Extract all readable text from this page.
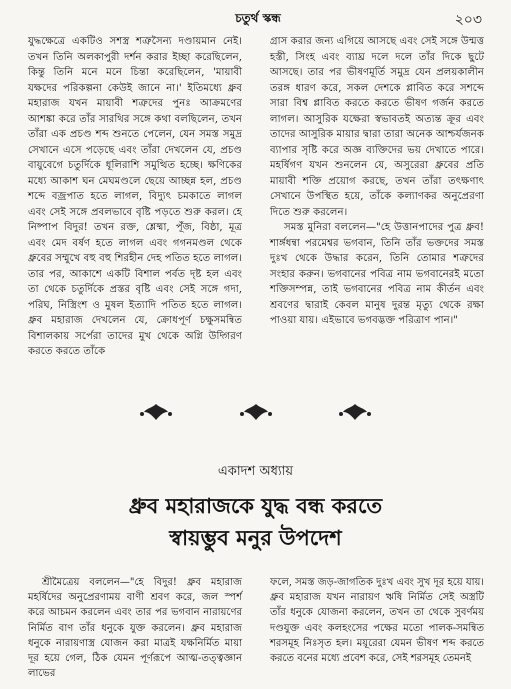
চতুর্থ স্কন্ধ	২০৩

যুদ্ধক্ষেত্রে একটিও সশস্ত্র শত্রুসৈন্য দণ্ডায়মান নেই। তখন তিনি অলকাপুরী দর্শন করার ইচ্ছা করেছিলেন, কিন্তু তিনি মনে মনে চিন্তা করেছিলেন, 'মায়াবী যক্ষদের পরিকল্পনা কেউই জানে না।' ইতিমধ্যে ধ্রুব মহারাজ যখন মায়াবী শত্রুদের পুনঃ আক্রমণের আশঙ্কা করে তাঁর সারথির সঙ্গে কথা বলছিলেন, তখন তাঁরা এক প্রচণ্ড শব্দ শুনতে পেলেন, যেন সমস্ত সমুদ্র সেখানে এসে পড়েছে এবং তাঁরা দেখলেন যে, প্রচণ্ড বায়ুবেগে চতুর্দিকে ধূলিরাশি সমুত্থিত হচ্ছে। ক্ষণিকের মধ্যে আকাশ ঘন মেঘমণ্ডলে ছেয়ে আচ্ছন্ন হল, প্রচণ্ড শব্দে বজ্রপাত হতে লাগল, বিদ্যুৎ চমকাতে লাগল এবং সেই সঙ্গে প্রবলভাবে বৃষ্টি পড়তে শুরু করল। হে নিষ্পাপ বিদুর! তখন রক্ত, শ্লেষ্মা, পূঁজ, বিষ্ঠা, মূত্র এবং মেদ বর্ষণ হতে লাগল এবং গগনমণ্ডল থেকে ধ্রুবের সম্মুখে বহু বহু শিরহীন দেহ পতিত হতে লাগল। তার পর, আকাশে একটি বিশাল পর্বত দৃষ্ট হল এবং তা থেকে চতুর্দিকে প্রস্তর বৃষ্টি এবং সেই সঙ্গে গদা, পরিঘ, নিস্ত্রিংশ ও মুষল ইত্যাদি পতিত হতে লাগল। ধ্রুব মহারাজ দেখলেন যে, ক্রোধপূর্ণ চক্ষুসমন্বিত বিশালকায় সর্পেরা তাদের মুখ থেকে অগ্নি উদ্গিরণ করতে করতে তাঁকে

গ্রাস করার জন্য এগিয়ে আসছে এবং সেই সঙ্গে উন্মত্ত হস্তী, সিংহ এবং ব্যাঘ্র দলে দলে তাঁর দিকে ছুটে আসছে। তার পর ভীষণমূর্তি সমুদ্র যেন প্রলয়কালীন তরঙ্গ ধারণ করে, সকল দেশকে প্লাবিত করে সশব্দে সারা বিশ্ব প্লাবিত করতে করতে ভীষণ গর্জন করতে লাগল। আসুরিক যক্ষেরা স্বভাবতই অত্যন্ত ক্রূর এবং তাদের আসুরিক মায়ার দ্বারা তারা অনেক আশ্চর্যজনক ব্যাপার সৃষ্টি করে অজ্ঞ ব্যক্তিদের ভয় দেখাতে পারে। মহর্ষিগণ যখন শুনলেন যে, অসুরেরা ধ্রুবের প্রতি মায়াবী শক্তি প্রয়োগ করছে, তখন তাঁরা তৎক্ষণাৎ সেখানে উপস্থিত হয়ে, তাঁকে কল্যাণকর অনুপ্রেরণা দিতে শুরু করলেন।

সমস্ত মুনিরা বললেন—"হে উত্তানপাদের পুত্র ধ্রুব! শার্ঙ্গধন্বা পরমেশ্বর ভগবান, তিনি তাঁর ভক্তদের সমস্ত দুঃখ থেকে উদ্ধার করেন, তিনি তোমার শত্রুদের সংহার করুন। ভগবানের পবিত্র নাম ভগবানেরই মতো শক্তিসম্পন্ন, তাই ভগবানের পবিত্র নাম কীর্তন এবং শ্রবণের দ্বারাই কেবল মানুষ দুরন্ত মৃত্যু থেকে রক্ষা পাওয়া যায়। এইভাবে ভগবদ্ভক্ত পরিত্রাণ পান।"

একাদশ অধ্যায়
ধ্রুব মহারাজকে যুদ্ধ বন্ধ করতে
স্বায়ম্ভুব মনুর উপদেশ

শ্রীমৈত্রেয় বললেন—"হে বিদুর! ধ্রুব মহারাজ মহর্ষিদের অনুপ্রেরণাময় বাণী শ্রবণ করে, জল স্পর্শ করে আচমন করলেন এবং তার পর ভগবান নারায়ণের নির্মিত বাণ তাঁর ধনুকে যুক্ত করলেন। ধ্রুব মহারাজ ধনুকে নারায়ণাস্ত্র যোজন করা মাত্রই যক্ষনির্মিত মায়া দূর হয়ে গেল, ঠিক যেমন পূর্ণরূপে আত্ম-তত্ত্বজ্ঞান লাভের

ফলে, সমস্ত জড়-জাগতিক দুঃখ এবং সুখ দূর হয়ে যায়। ধ্রুব মহারাজ যখন নারায়ণ ঋষি নির্মিত সেই অস্ত্রটি তাঁর ধনুকে যোজনা করলেন, তখন তা থেকে সুবর্ণময় দণ্ডযুক্ত এবং কলহংসের পক্ষের মতো পালক-সমন্বিত শরসমূহ নিঃসৃত হল। ময়ূরেরা যেমন ভীষণ শব্দ করতে করতে বনের মধ্যে প্রবেশ করে, সেই শরসমূহ তেমনই
